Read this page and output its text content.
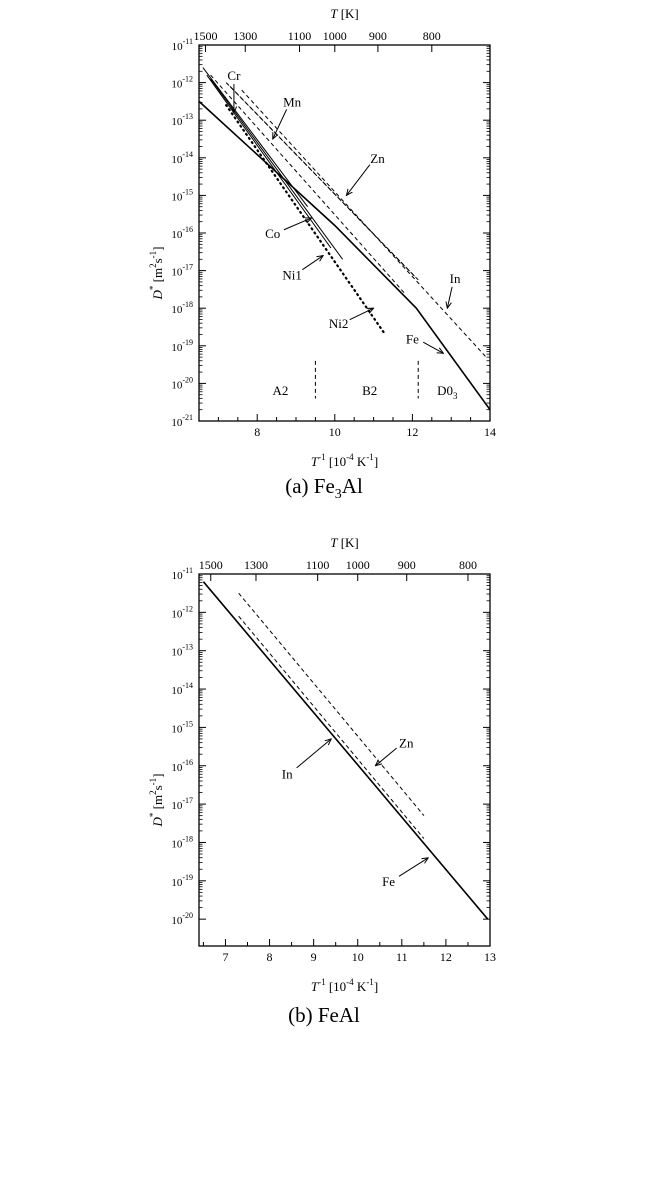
8	10	12	14
$10^{-21}$
$10^{-20}$
$10^{-19}$
$10^{-18}$
$10^{-17}$
$10^{-16}$
$10^{-15}$
$10^{-14}$
$10^{-13}$
$10^{-12}$
$10^{-11}$ 1500 1300	1100 1000 900	800
T [K]
$T^{-1}$ [$10^{-4}$ $K^{-1}$]
D* $[m^2s^{-1}]$
A2	B2	$D0_3$
Cr
Mn
Zn
Co
Ni1
Ni2
Fe
In
7	8	9	10	11	12	13
$10^{-20}$
$10^{-19}$
$10^{-18}$
$10^{-17}$
$10^{-16}$
$10^{-15}$
$10^{-14}$
$10^{-13}$
$10^{-12}$
$10^{-11}$ 1500 1300	1100 1000 900	800
T [K]
$T^{-1}$ [$10^{-4}$ $K^{-1}$]
D* $[m^2s^{-1}]$	In
Zn
Fe
(a) $Fe_3Al$
(b) FeAl
